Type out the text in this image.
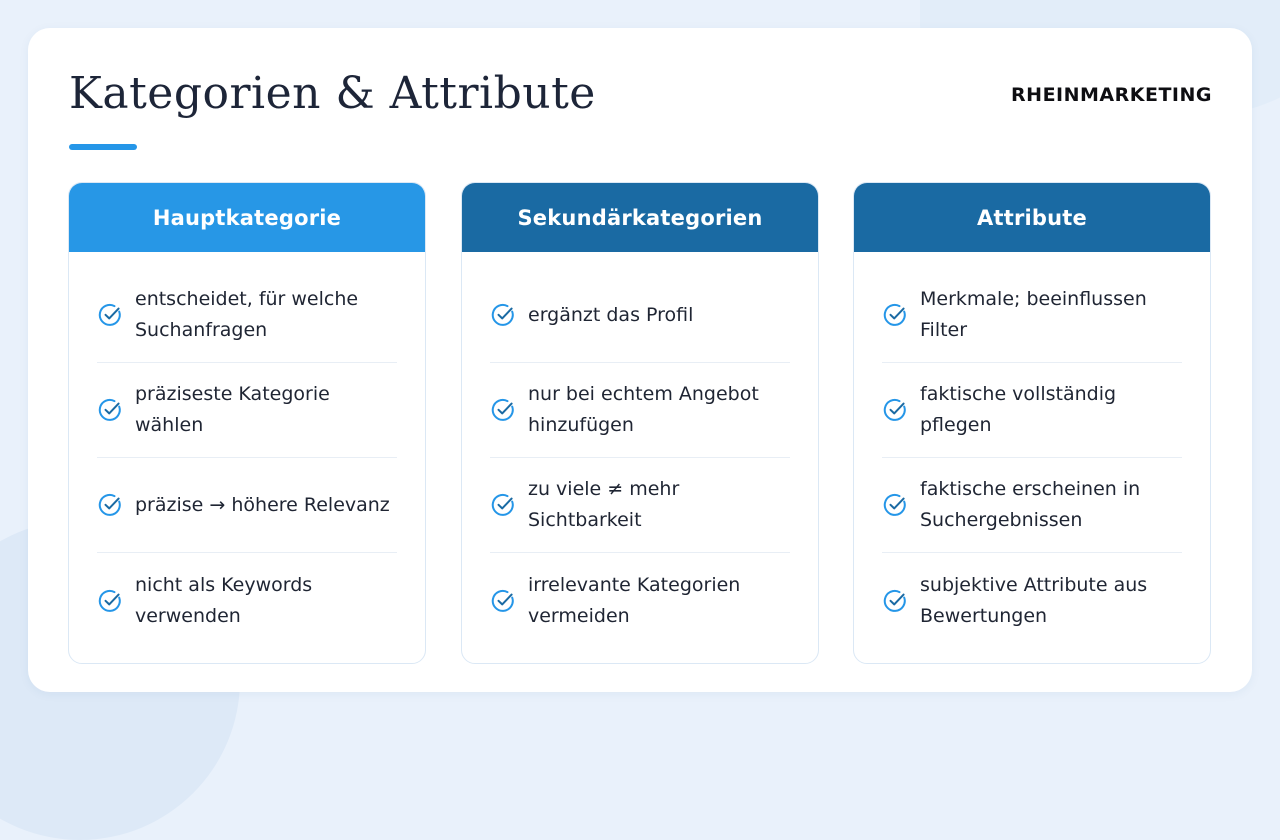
Kategorien & Attribute	RHEINMARKETING
Hauptkategorie
entscheidet, für welche Suchanfragen
präziseste Kategorie wählen
präzise → höhere Relevanz
nicht als Keywords verwenden
Sekundärkategorien
ergänzt das Profil
nur bei echtem Angebot hinzufügen
zu viele ≠ mehr Sichtbarkeit
irrelevante Kategorien vermeiden
Attribute
Merkmale; beeinflussen Filter
faktische vollständig pflegen
faktische erscheinen in Suchergebnissen
subjektive Attribute aus Bewertungen
